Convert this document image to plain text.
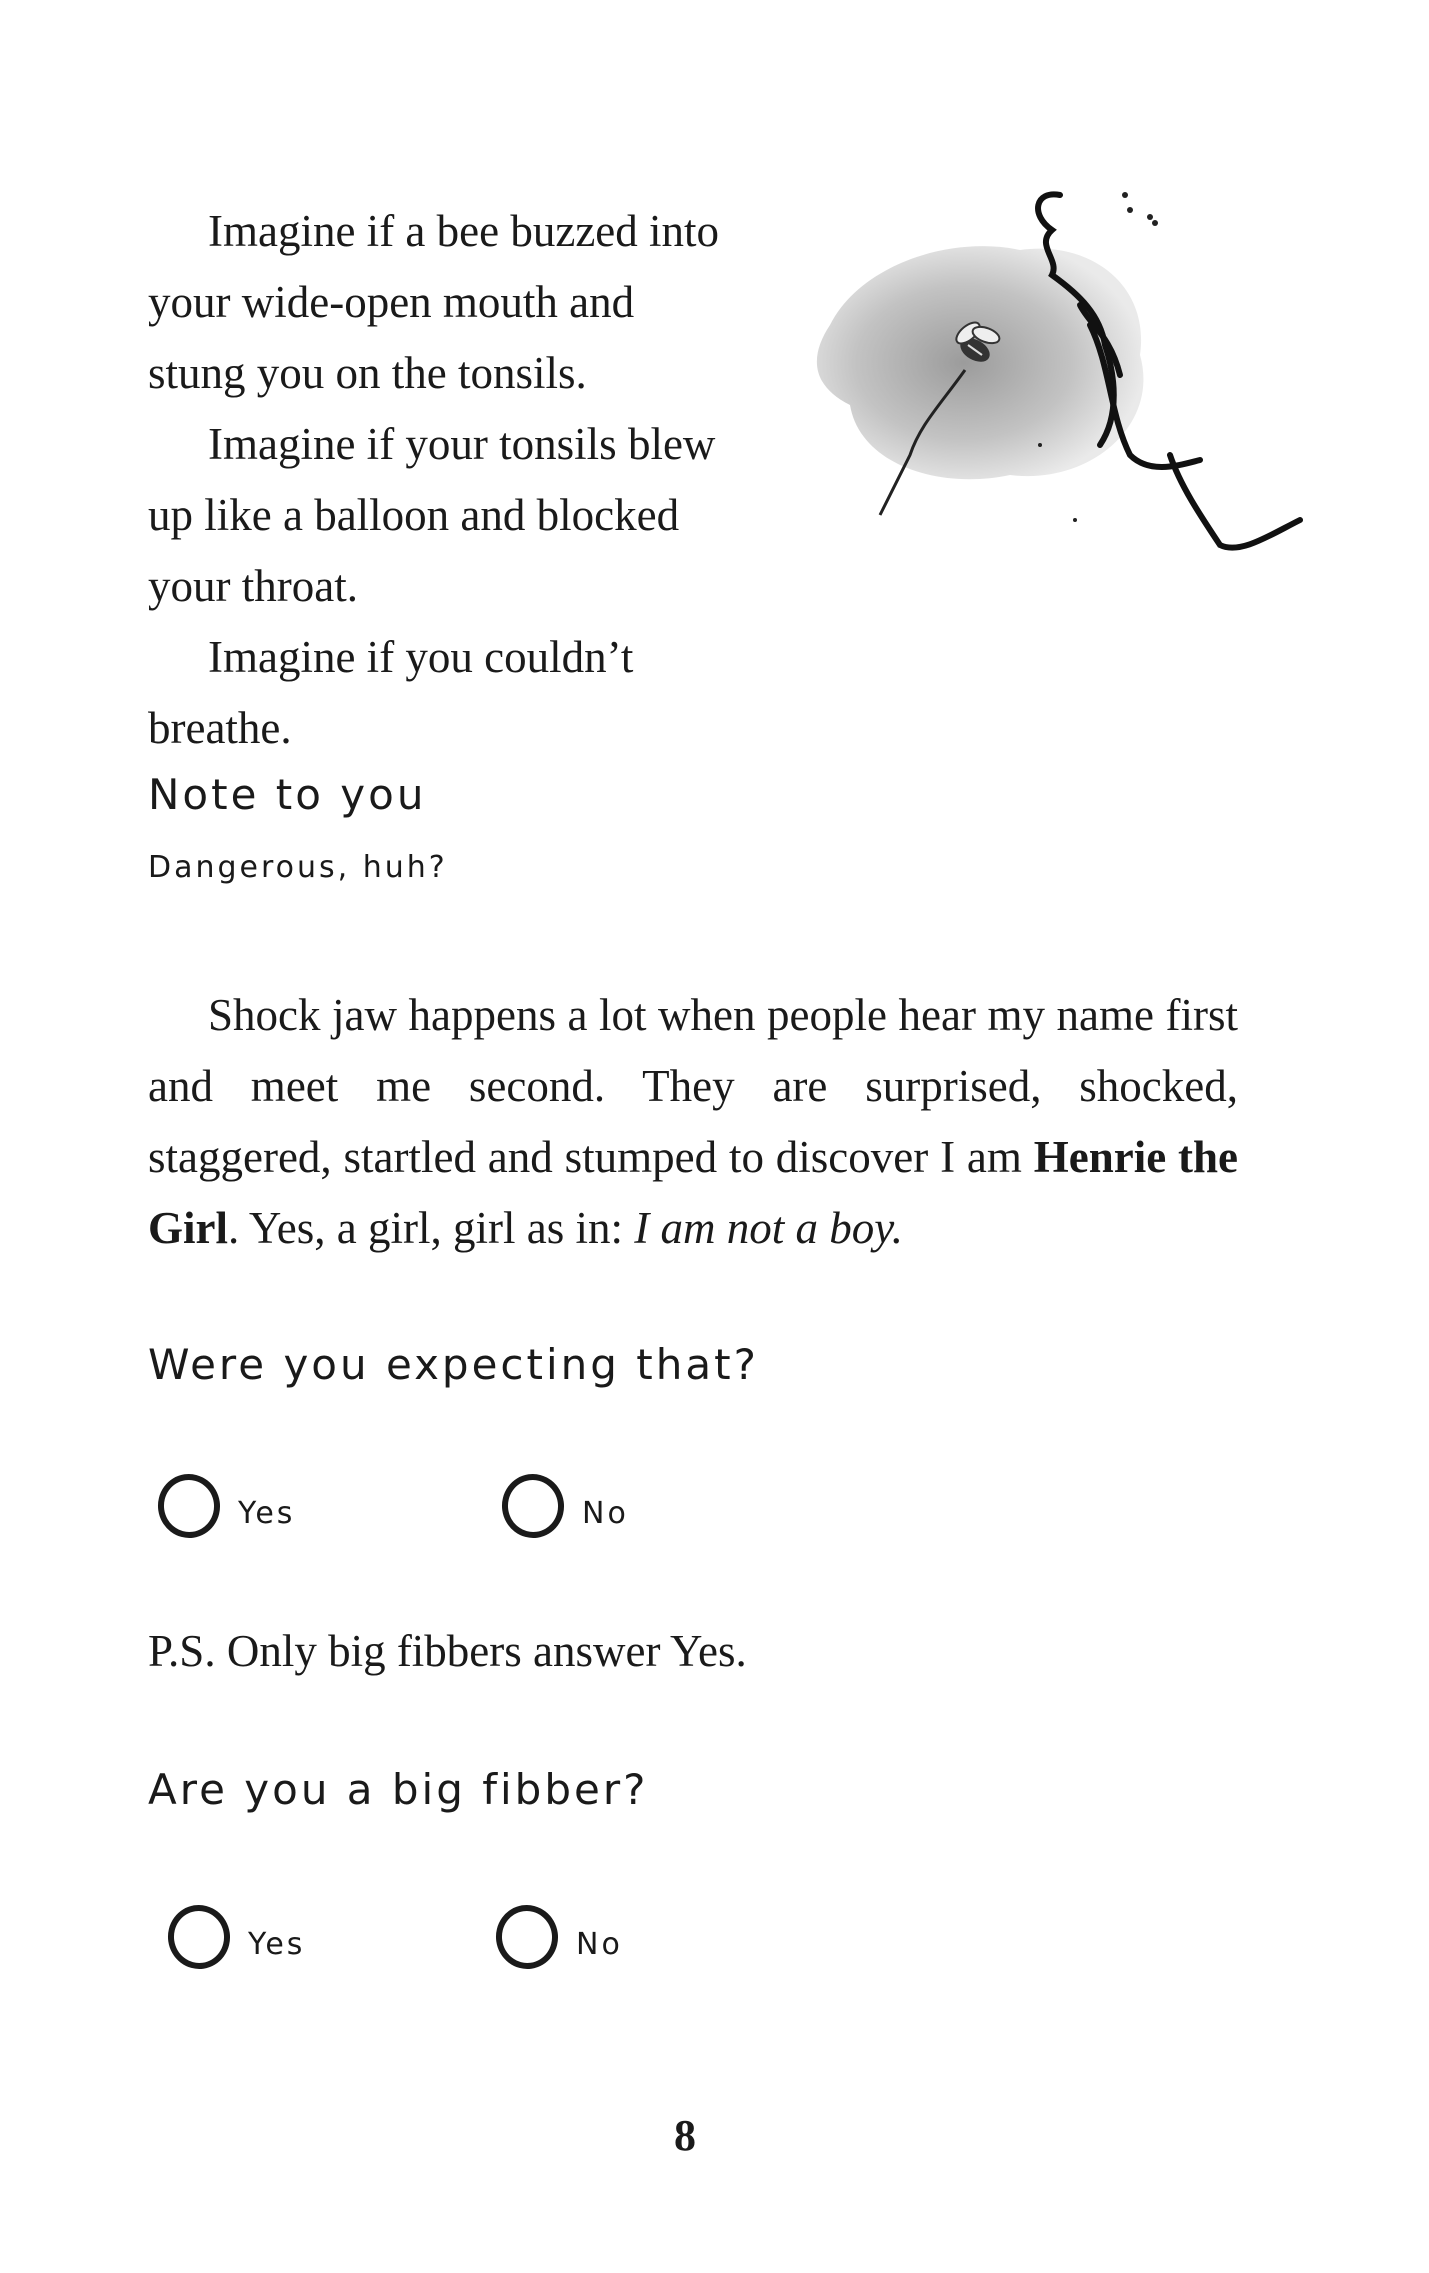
Imagine if a bee buzzed into
your wide-open mouth and
stung you on the tonsils.
Imagine if your tonsils blew
up like a balloon and blocked
your throat.
Imagine if you couldn’t breathe.

Note to you

Dangerous, huh?

Shock jaw happens a lot when people hear my name first and meet me second. They are surprised, shocked, staggered, startled and stumped to discover I am Henrie the Girl. Yes, a girl, girl as in: I am not a boy.

Were you expecting that?
Yes	No

P.S. Only big fibbers answer Yes.

Are you a big fibber?
Yes	No

8
